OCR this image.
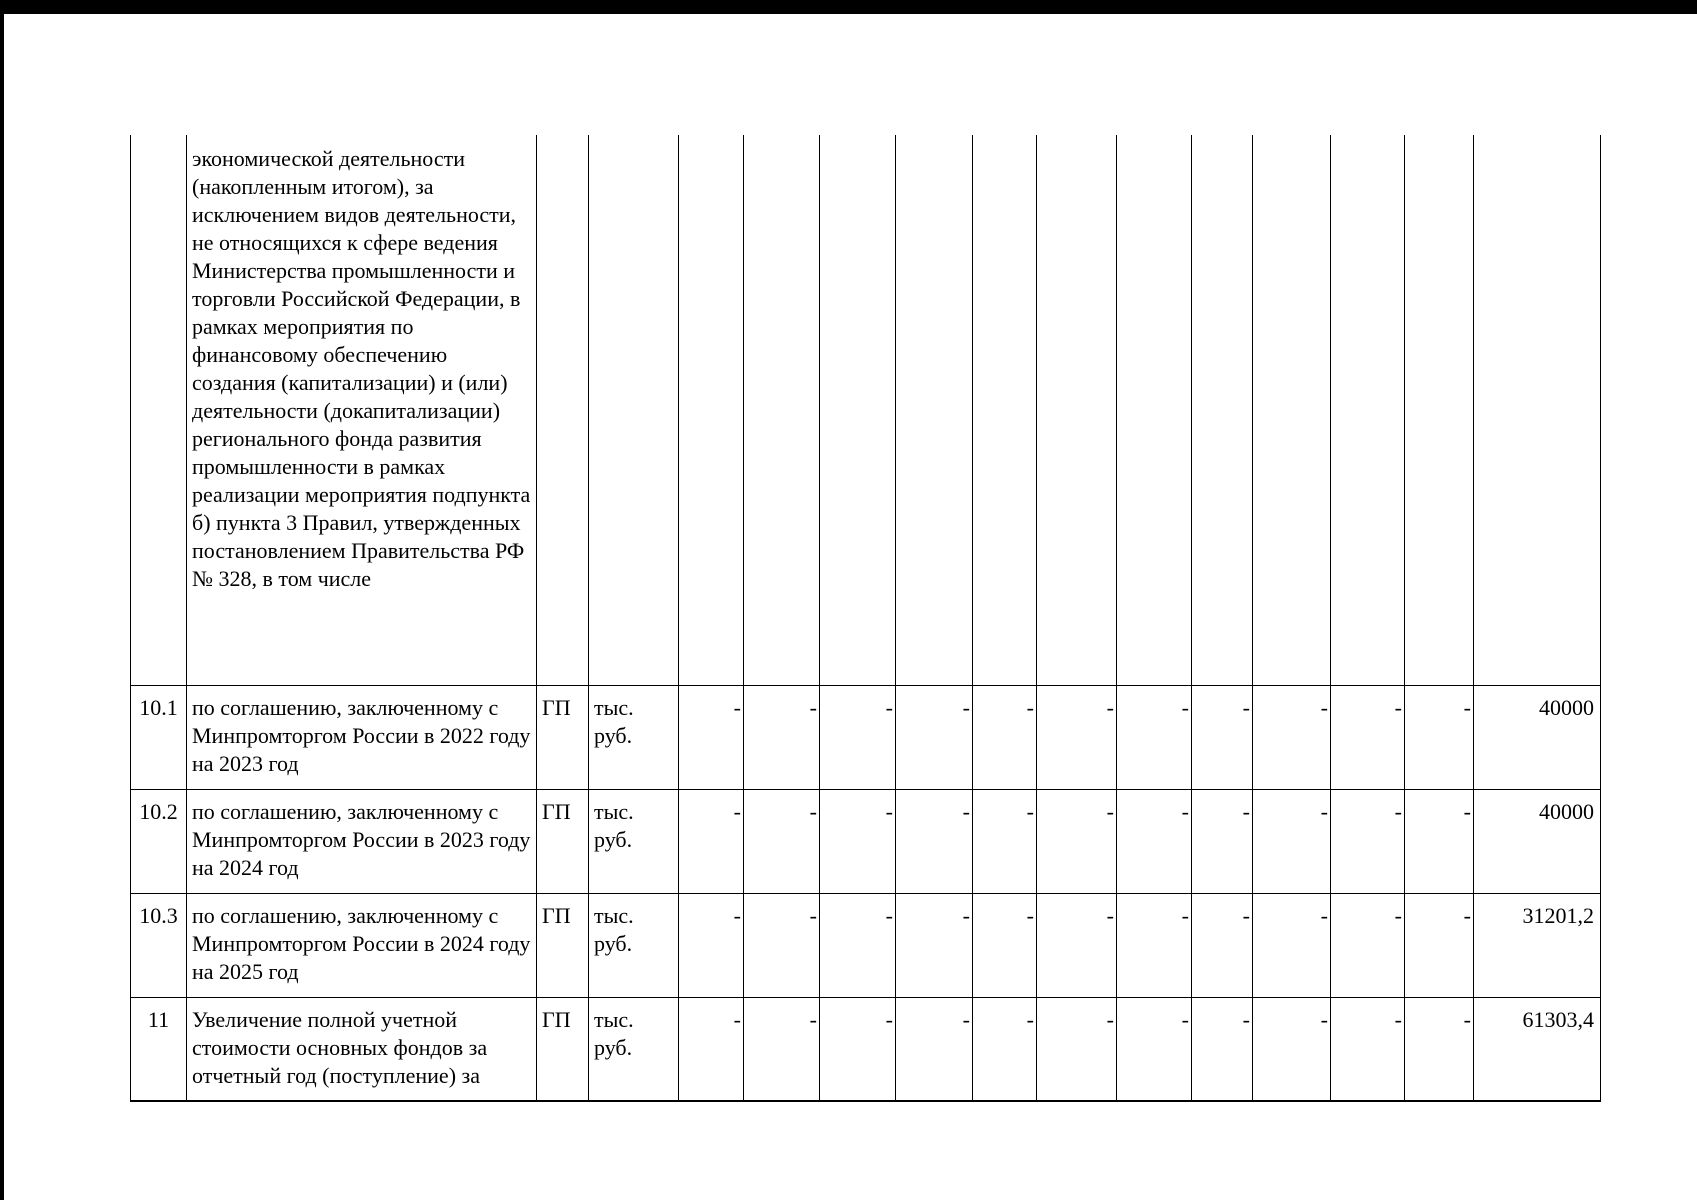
	экономической деятельности (накопленным итогом), за исключением видов деятельности, не относящихся к сфере ведения Министерства промышленности и торговли Российской Федерации, в рамках мероприятия по финансовому обеспечению создания (капитализации) и (или) деятельности (докапитализации) регионального фонда развития промышленности в рамках реализации мероприятия подпункта б) пункта 3 Правил, утвержденных постановлением Правительства РФ № 328, в том числе														
10.1	по соглашению, заключенному с Минпромторгом России в 2022 году на 2023 год	ГП	тыс. руб.	-	-	-	-	-	-	-	-	-	-	-	40000
10.2	по соглашению, заключенному с Минпромторгом России в 2023 году на 2024 год	ГП	тыс. руб.	-	-	-	-	-	-	-	-	-	-	-	40000
10.3	по соглашению, заключенному с Минпромторгом России в 2024 году на 2025 год	ГП	тыс. руб.	-	-	-	-	-	-	-	-	-	-	-	31201,2
11	Увеличение полной учетной стоимости основных фондов за отчетный год (поступление) за	ГП	тыс. руб.	-	-	-	-	-	-	-	-	-	-	-	61303,4
